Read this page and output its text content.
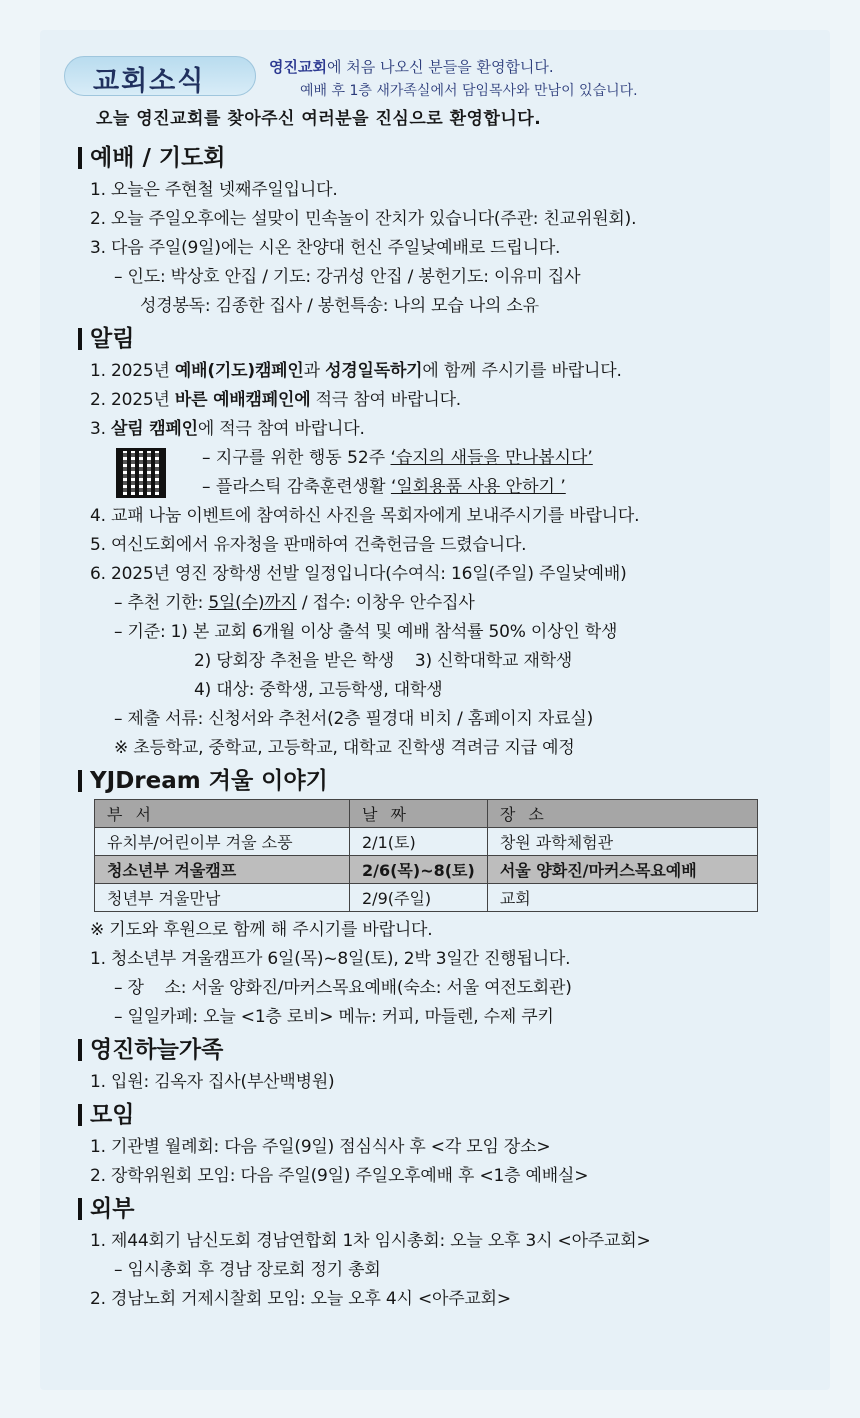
교회소식	영진교회에 처음 나오신 분들을 환영합니다.
예배 후 1층 새가족실에서 담임목사와 만남이 있습니다.
오늘 영진교회를 찾아주신 여러분을 진심으로 환영합니다.
예배 / 기도회
1. 오늘은 주현철 넷째주일입니다.
2. 오늘 주일오후에는 설맞이 민속놀이 잔치가 있습니다(주관: 친교위원회).
3. 다음 주일(9일)에는 시온 찬양대 헌신 주일낮예배로 드립니다.
– 인도: 박상호 안집 / 기도: 강귀성 안집 / 봉헌기도: 이유미 집사
성경봉독: 김종한 집사 / 봉헌특송: 나의 모습 나의 소유
알림
1. 2025년 예배(기도)캠페인과 성경일독하기에 함께 주시기를 바랍니다.
2. 2025년 바른 예배캠페인에 적극 참여 바랍니다.
3. 살림 캠페인에 적극 참여 바랍니다.
– 지구를 위한 행동 52주 ‘습지의 새들을 만나봅시다’
– 플라스틱 감축훈련생활 ‘일회용품 사용 안하기 ’
4. 교패 나눔 이벤트에 참여하신 사진을 목회자에게 보내주시기를 바랍니다.
5. 여신도회에서 유자청을 판매하여 건축헌금을 드렸습니다.
6. 2025년 영진 장학생 선발 일정입니다(수여식: 16일(주일) 주일낮예배)
– 추천 기한: 5일(수)까지 / 접수: 이창우 안수집사
– 기준: 1) 본 교회 6개월 이상 출석 및 예배 참석률 50% 이상인 학생
2) 당회장 추천을 받은 학생    3) 신학대학교 재학생
4) 대상: 중학생, 고등학생, 대학생
– 제출 서류: 신청서와 추천서(2층 필경대 비치 / 홈페이지 자료실)
※ 초등학교, 중학교, 고등학교, 대학교 진학생 격려금 지급 예정
YJDream 겨울 이야기
부 서	날 짜	장 소
유치부/어린이부 겨울 소풍	2/1(토)	창원 과학체험관
청소년부 겨울캠프	2/6(목)~8(토)	서울 양화진/마커스목요예배
청년부 겨울만남	2/9(주일)	교회
※ 기도와 후원으로 함께 해 주시기를 바랍니다.
1. 청소년부 겨울캠프가 6일(목)~8일(토), 2박 3일간 진행됩니다.
– 장    소: 서울 양화진/마커스목요예배(숙소: 서울 여전도회관)
– 일일카페: 오늘 <1층 로비> 메뉴: 커피, 마들렌, 수제 쿠키
영진하늘가족
1. 입원: 김옥자 집사(부산백병원)
모임
1. 기관별 월례회: 다음 주일(9일) 점심식사 후 <각 모임 장소>
2. 장학위원회 모임: 다음 주일(9일) 주일오후예배 후 <1층 예배실>
외부
1. 제44회기 남신도회 경남연합회 1차 임시총회: 오늘 오후 3시 <아주교회>
– 임시총회 후 경남 장로회 정기 총회
2. 경남노회 거제시찰회 모임: 오늘 오후 4시 <아주교회>
